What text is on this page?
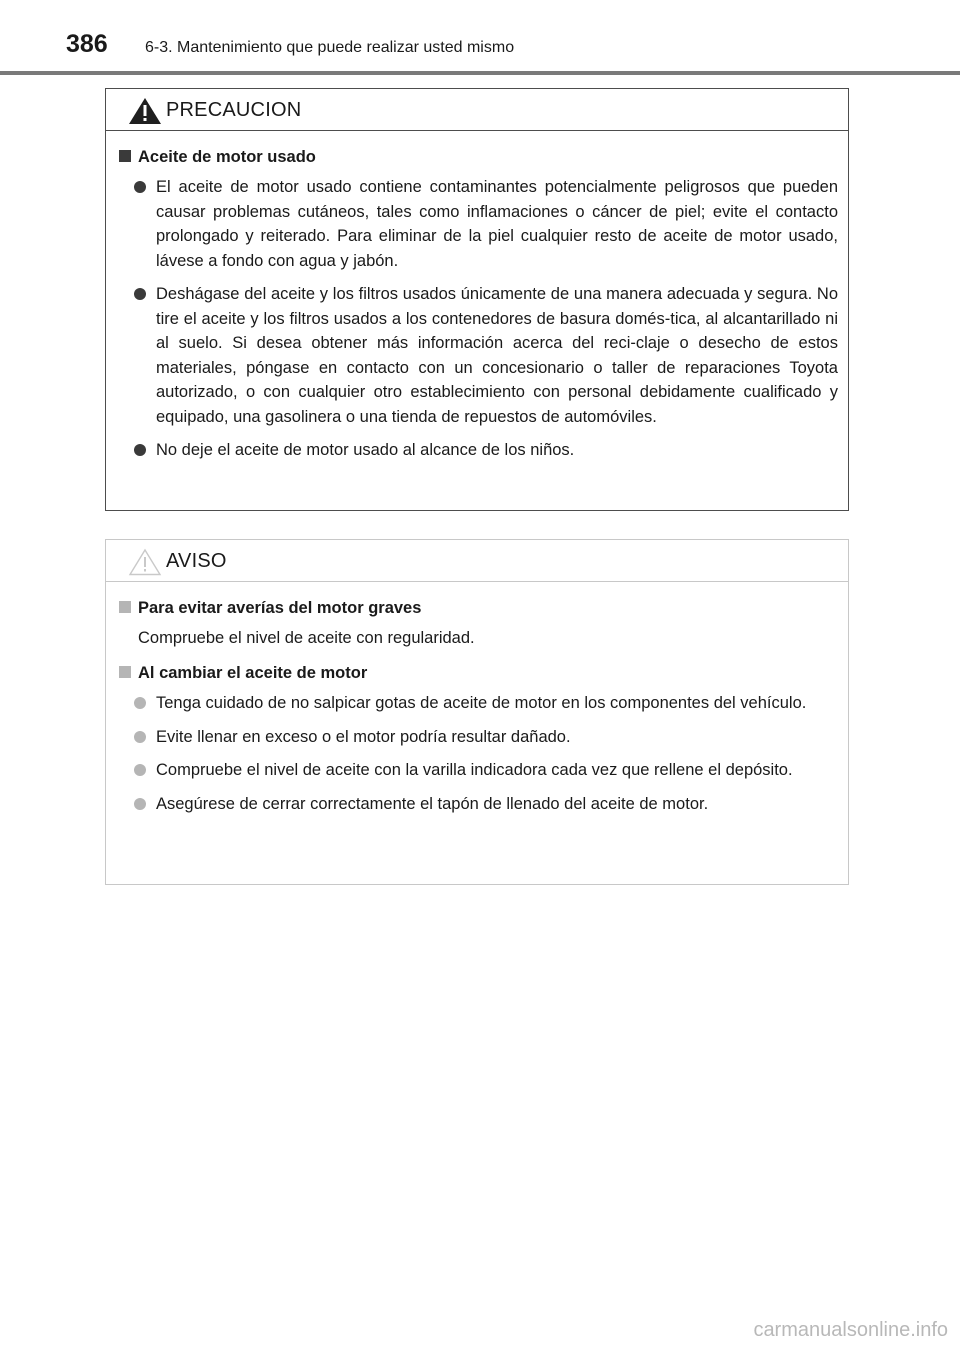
386 6-3. Mantenimiento que puede realizar usted mismo
PRECAUCION
Aceite de motor usado
El aceite de motor usado contiene contaminantes potencialmente peligrosos que pueden causar problemas cutáneos, tales como inflamaciones o cáncer de piel; evite el contacto prolongado y reiterado. Para eliminar de la piel cualquier resto de aceite de motor usado, lávese a fondo con agua y jabón.
Deshágase del aceite y los filtros usados únicamente de una manera adecuada y segura. No tire el aceite y los filtros usados a los contenedores de basura domés-tica, al alcantarillado ni al suelo. Si desea obtener más información acerca del reci-claje o desecho de estos materiales, póngase en contacto con un concesionario o taller de reparaciones Toyota autorizado, o con cualquier otro establecimiento con personal debidamente cualificado y equipado, una gasolinera o una tienda de repuestos de automóviles.
No deje el aceite de motor usado al alcance de los niños.
AVISO
Para evitar averías del motor graves
Compruebe el nivel de aceite con regularidad.
Al cambiar el aceite de motor
Tenga cuidado de no salpicar gotas de aceite de motor en los componentes del vehículo.
Evite llenar en exceso o el motor podría resultar dañado.
Compruebe el nivel de aceite con la varilla indicadora cada vez que rellene el depósito.
Asegúrese de cerrar correctamente el tapón de llenado del aceite de motor.
carmanualsonline.info
